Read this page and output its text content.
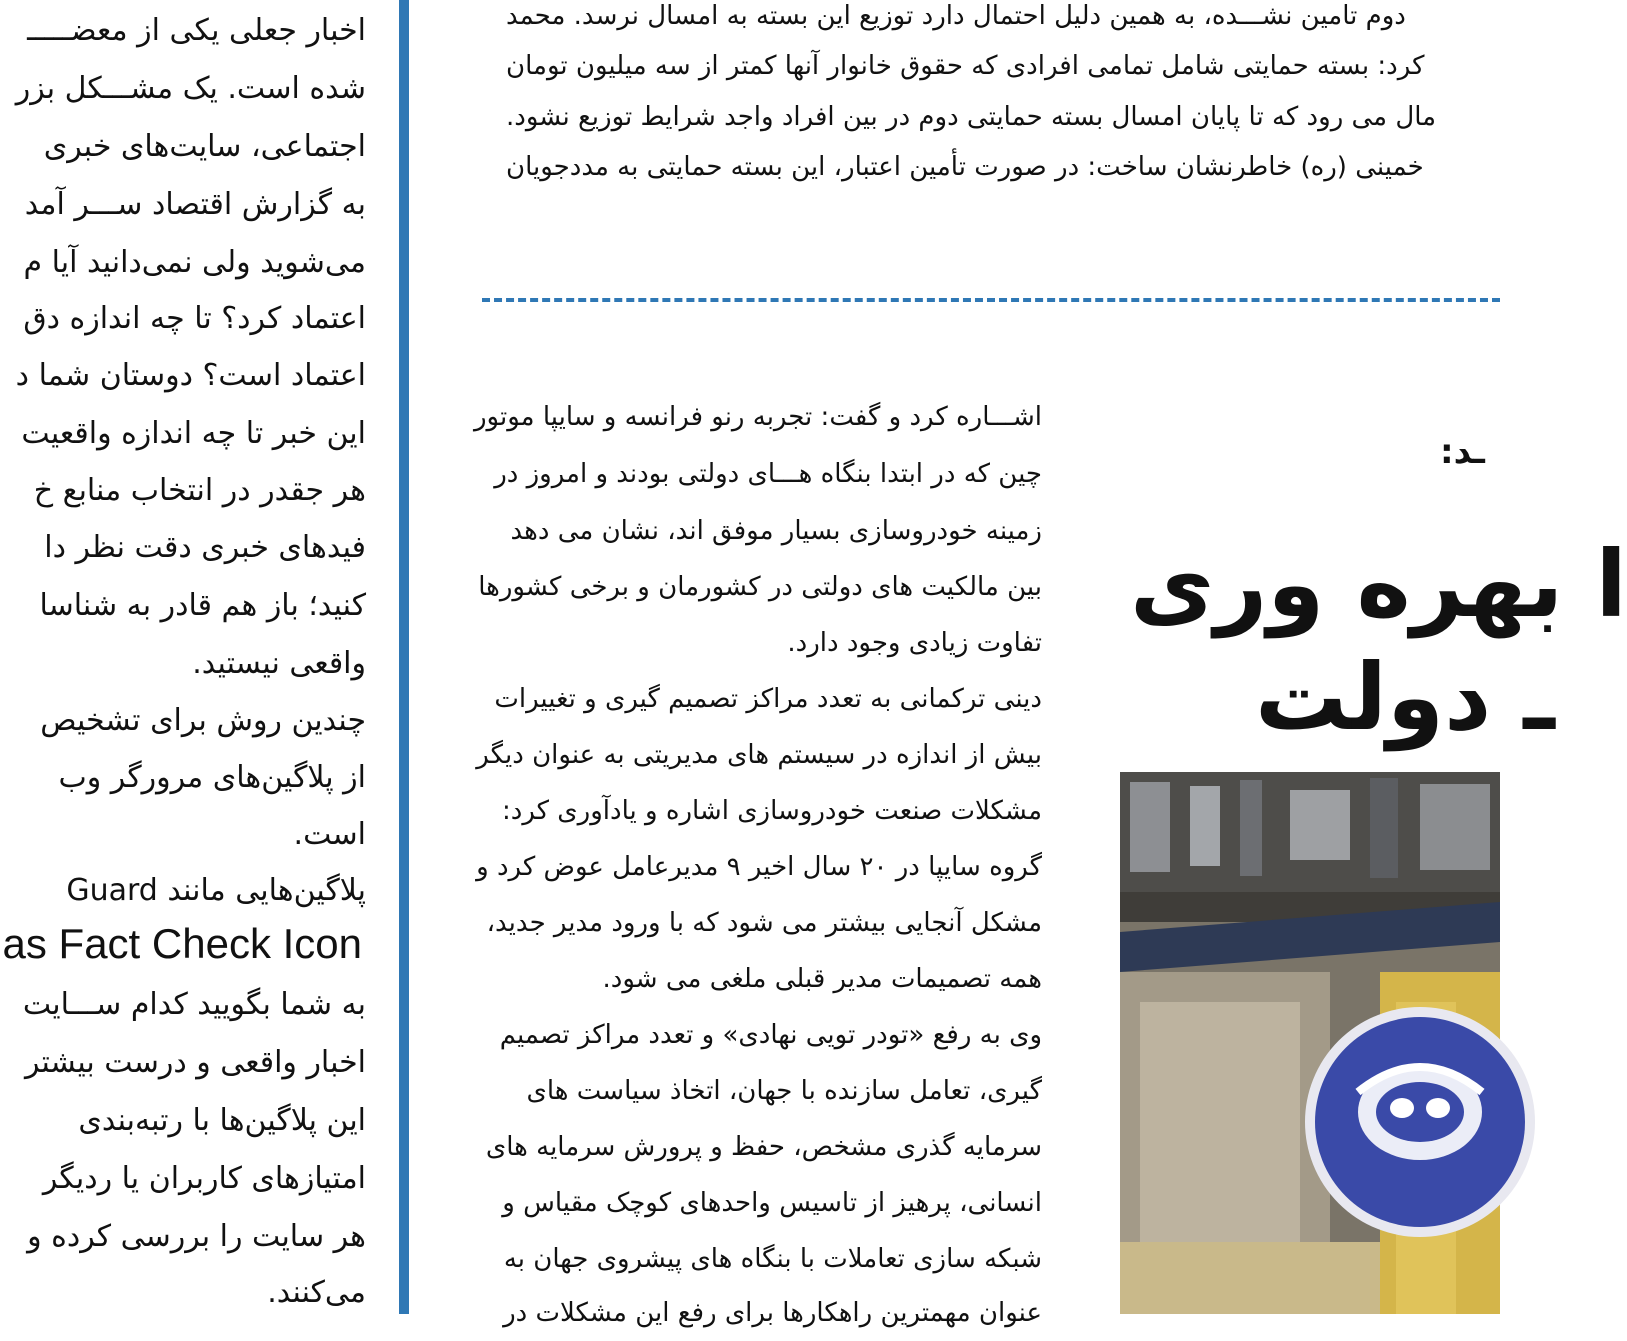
اخبار جعلی یکی از معضـــــ
شده است. یک مشـــکل بزر
اجتماعی، سایت‌های خبری
به گزارش اقتصاد ســـر آمد
می‌شوید ولی نمی‌دانید آیا م
اعتماد کرد؟ تا چه اندازه دق
اعتماد است؟ دوستان شما د
این خبر تا چه اندازه واقعیت
هر جقدر در انتخاب منابع خ
فیدهای خبری دقت نظر دا
کنید؛ باز هم قادر به شناسا
واقعی نیستید.
چندین روش برای تشخیص
از پلاگین‌های مرورگر وب
است.
پلاگین‌هایی مانند Guard
as Fact Check Icon
به شما بگویید کدام ســـایت
اخبار واقعی و درست بیشتر
این پلاگین‌ها با رتبه‌بندی
امتیازهای کاربران یا ردیگر
هر سایت را بررسی کرده و
می‌کنند.
دوم تامین نشـــده، به همین دلیل احتمال دارد توزیع این بسته به امسال نرسد. محمد
کرد: بسته حمایتی شامل تمامی افرادی که حقوق خانوار آنها کمتر از سه میلیون تومان
مال می رود که تا پایان امسال بسته حمایتی دوم در بین افراد واجد شرایط توزیع نشود.
خمینی (ره) خاطرنشان ساخت: در صورت تأمین اعتبار، این بسته حمایتی به مددجویان
اشـــاره کرد و گفت: تجربه رنو فرانسه و سایپا موتور
چین که در ابتدا بنگاه هـــای دولتی بودند و امروز در
زمینه خودروسازی بسیار موفق اند، نشان می دهد
بین مالکیت های دولتی در کشورمان و برخی کشورها
تفاوت زیادی وجود دارد.
دینی ترکمانی به تعدد مراکز تصمیم گیری و تغییرات
بیش از اندازه در سیستم های مدیریتی به عنوان دیگر
مشکلات صنعت خودروسازی اشاره و یادآوری کرد:
گروه سایپا در ۲۰ سال اخیر ۹ مدیرعامل عوض کرد و
مشکل آنجایی بیشتر می شود که با ورود مدیر جدید،
همه تصمیمات مدیر قبلی ملغی می شود.
وی به رفع «تودر تویی نهادی» و تعدد مراکز تصمیم
گیری، تعامل سازنده با جهان، اتخاذ سیاست های
سرمایه گذری مشخص، حفظ و پرورش سرمایه های
انسانی، پرهیز از تاسیس واحدهای کوچک مقیاس و
شبکه سازی تعاملات با بنگاه های پیشروی جهان به
عنوان مهمترین راهکارها برای رفع این مشکلات در
ـد:
ا بهره وری
ـ دولت
